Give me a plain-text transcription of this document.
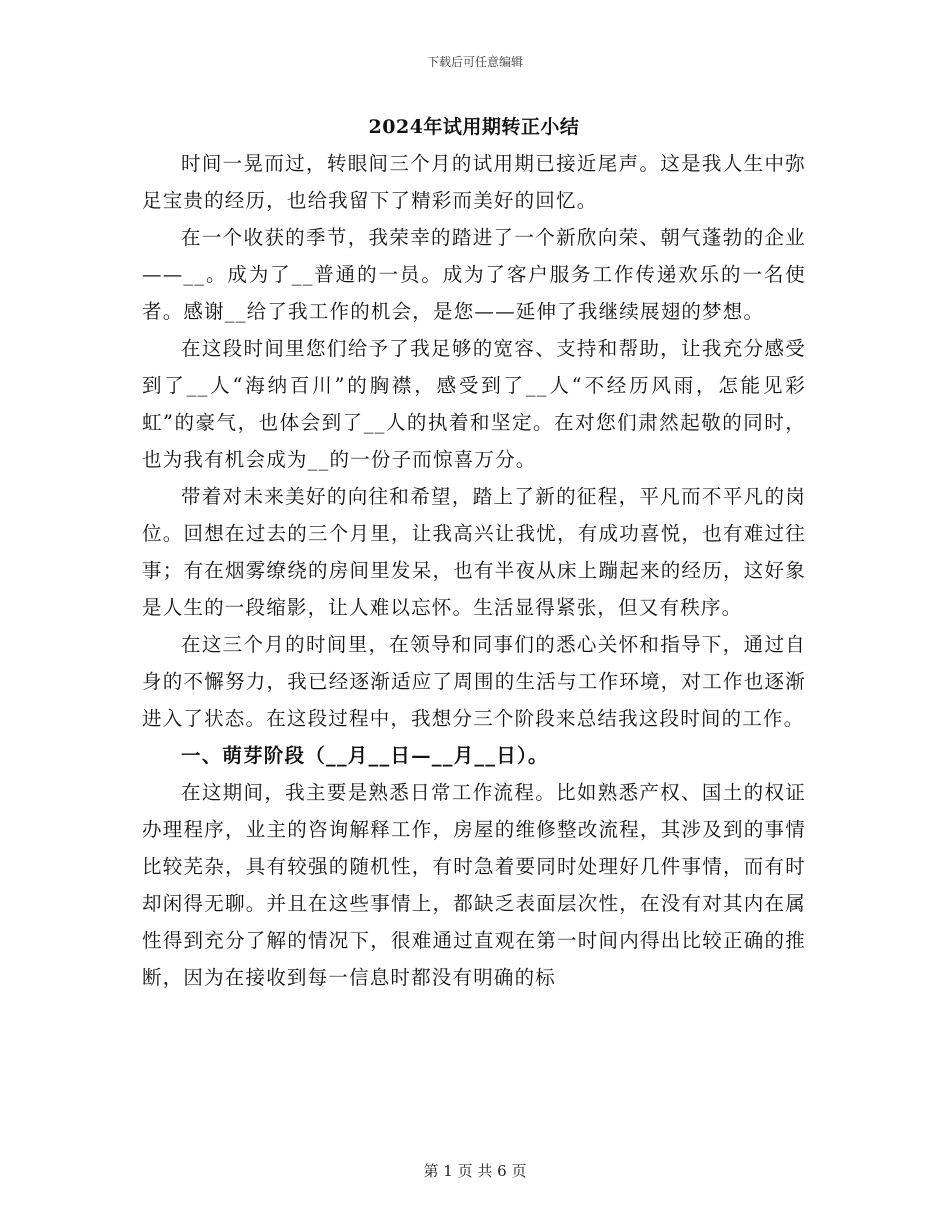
下载后可任意编辑
2024年试用期转正小结

时间一晃而过，转眼间三个月的试用期已接近尾声。这是我人生中弥足宝贵的经历，也给我留下了精彩而美好的回忆。

在一个收获的季节，我荣幸的踏进了一个新欣向荣、朝气蓬勃的企业——__。成为了__普通的一员。成为了客户服务工作传递欢乐的一名使者。感谢__给了我工作的机会，是您——延伸了我继续展翅的梦想。

在这段时间里您们给予了我足够的宽容、支持和帮助，让我充分感受到了__人“海纳百川”的胸襟，感受到了__人“不经历风雨，怎能见彩虹”的豪气，也体会到了__人的执着和坚定。在对您们肃然起敬的同时，也为我有机会成为__的一份子而惊喜万分。

带着对未来美好的向往和希望，踏上了新的征程，平凡而不平凡的岗位。回想在过去的三个月里，让我高兴让我忧，有成功喜悦，也有难过往事；有在烟雾缭绕的房间里发呆，也有半夜从床上蹦起来的经历，这好象是人生的一段缩影，让人难以忘怀。生活显得紧张，但又有秩序。

在这三个月的时间里，在领导和同事们的悉心关怀和指导下，通过自身的不懈努力，我已经逐渐适应了周围的生活与工作环境，对工作也逐渐进入了状态。在这段过程中，我想分三个阶段来总结我这段时间的工作。

一、萌芽阶段（__月__日—__月__日）。

在这期间，我主要是熟悉日常工作流程。比如熟悉产权、国土的权证办理程序，业主的咨询解释工作，房屋的维修整改流程，其涉及到的事情比较芜杂，具有较强的随机性，有时急着要同时处理好几件事情，而有时却闲得无聊。并且在这些事情上，都缺乏表面层次性，在没有对其内在属性得到充分了解的情况下，很难通过直观在第一时间内得出比较正确的推断，因为在接收到每一信息时都没有明确的标

第 1 页 共 6 页
